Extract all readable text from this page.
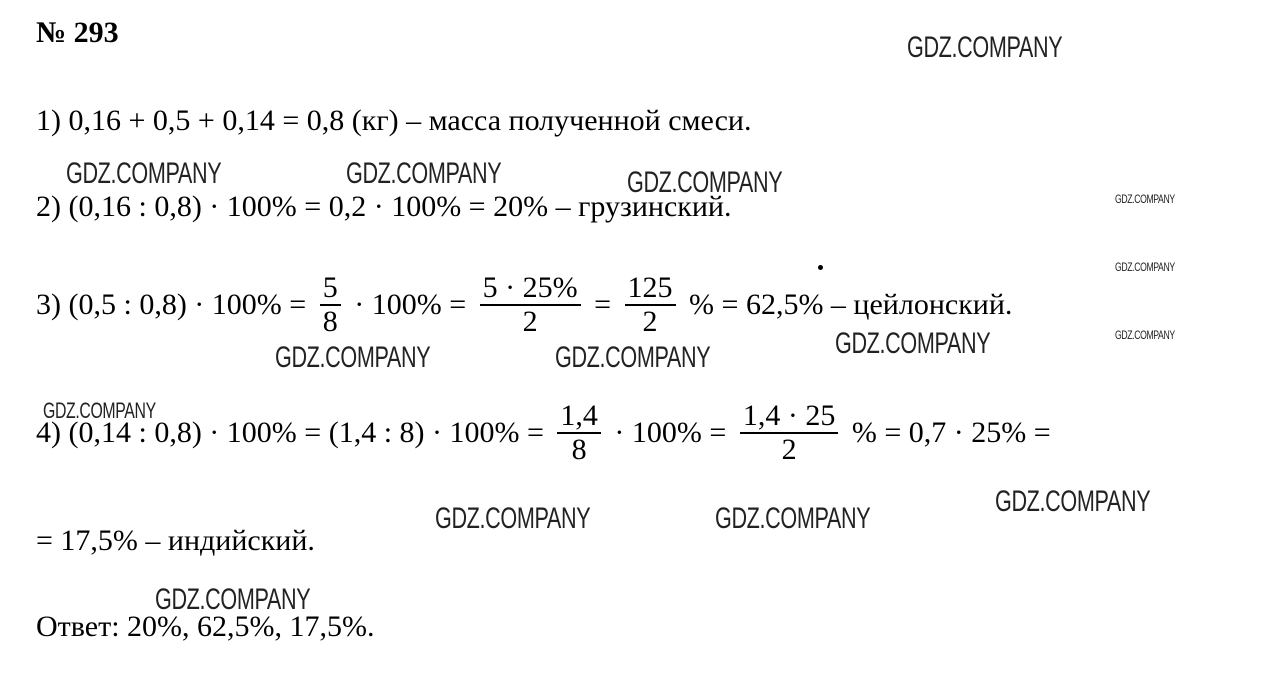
№ 293
1) 0,16 + 0,5 + 0,14 = 0,8 (кг) – масса полученной смеси.
2) (0,16 : 0,8) · 100% = 0,2 · 100% = 20% – грузинский.
3) (0,5 : $0,8) \cdot 100\% = \frac{5}{8} \cdot 100\% = \frac{5 \cdot 25\%}{2} = \frac{125}{2}$ % = 62,5% – цейлонский.
4) (0,14 : 0,8) · 100% = (1,4 : $8) \cdot 100\% = \frac{1,4}{8} \cdot 100\% = \frac{1,4 \cdot 25}{2}$ % = 0,7 · 25% =
= 17,5% – индийский.
Ответ: 20%, 62,5%, 17,5%.
GDZ.COMPANY
GDZ.COMPANY	GDZ.COMPANY	GDZ.COMPANY	GDZ.COMPANY
GDZ.COMPANY
GDZ.COMPANY
GDZ.COMPANY
GDZ.COMPANY	GDZ.COMPANY
GDZ.COMPANY
GDZ.COMPANY
GDZ.COMPANY	GDZ.COMPANY
GDZ.COMPANY
